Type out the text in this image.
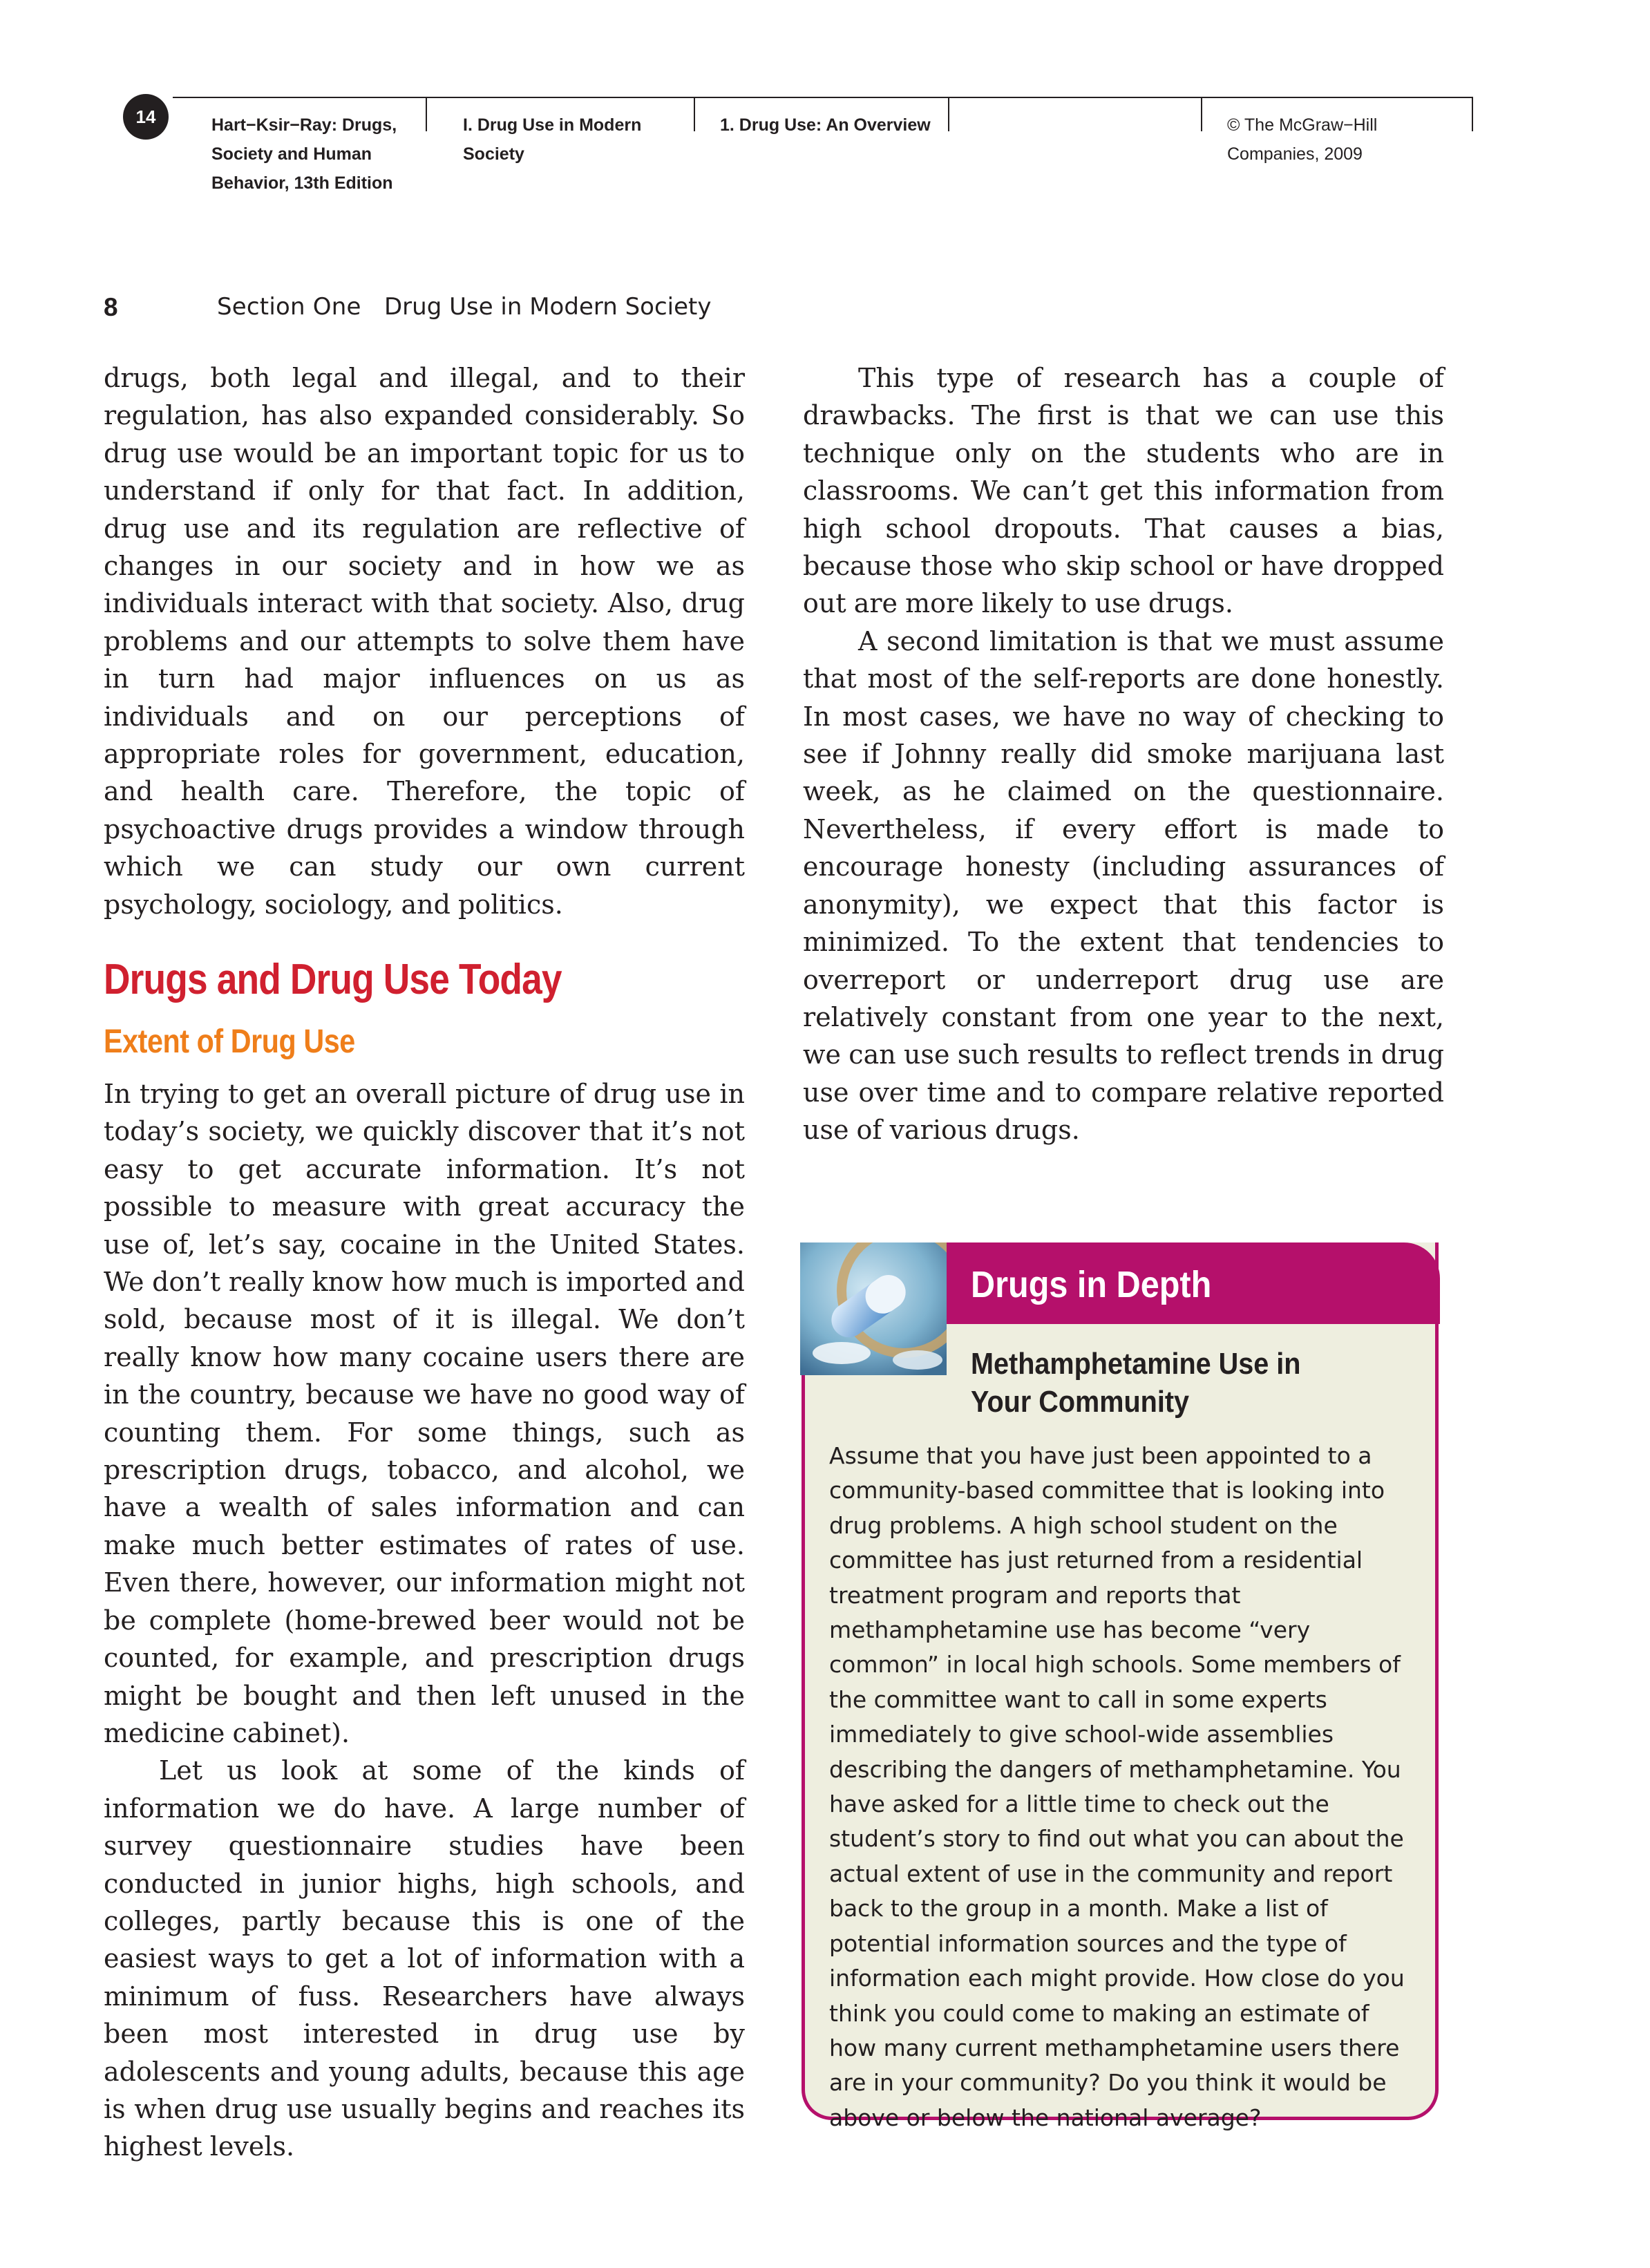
14	Hart−Ksir−Ray: Drugs,
Society and Human
Behavior, 13th Edition
I. Drug Use in Modern
Society
1. Drug Use: An Overview	© The McGraw−Hill
Companies, 2009
8	Section One Drug Use in Modern Society

drugs, both legal and illegal, and to their regulation, has also expanded considerably. So drug use would be an important topic for us to understand if only for that fact. In addition, drug use and its regulation are reflective of changes in our society and in how we as individuals interact with that society. Also, drug problems and our attempts to solve them have in turn had major influences on us as individuals and on our perceptions of appropriate roles for government, education, and health care. Therefore, the topic of psychoactive drugs provides a window through which we can study our own current psychology, sociology, and politics.

Drugs and Drug Use Today
Extent of Drug Use

In trying to get an overall picture of drug use in today’s society, we quickly discover that it’s not easy to get accurate information. It’s not possible to measure with great accuracy the use of, let’s say, cocaine in the United States. We don’t really know how much is imported and sold, because most of it is illegal. We don’t really know how many cocaine users there are in the country, because we have no good way of counting them. For some things, such as prescription drugs, tobacco, and alcohol, we have a wealth of sales information and can make much better estimates of rates of use. Even there, however, our information might not be complete (home-brewed beer would not be counted, for example, and prescription drugs might be bought and then left unused in the medicine cabinet).

Let us look at some of the kinds of information we do have. A large number of survey questionnaire studies have been conducted in junior highs, high schools, and colleges, partly because this is one of the easiest ways to get a lot of information with a minimum of fuss. Researchers have always been most interested in drug use by adolescents and young adults, because this age is when drug use usually begins and reaches its highest levels.

This type of research has a couple of drawbacks. The first is that we can use this technique only on the students who are in classrooms. We can’t get this information from high school dropouts. That causes a bias, because those who skip school or have dropped out are more likely to use drugs.

A second limitation is that we must assume that most of the self-reports are done honestly. In most cases, we have no way of checking to see if Johnny really did smoke marijuana last week, as he claimed on the questionnaire. Nevertheless, if every effort is made to encourage honesty (including assurances of anonymity), we expect that this factor is minimized. To the extent that tendencies to overreport or underreport drug use are relatively constant from one year to the next, we can use such results to reflect trends in drug use over time and to compare relative reported use of various drugs.

Drugs in Depth
Methamphetamine Use in Your Community

Assume that you have just been appointed to a community-based committee that is looking into drug problems. A high school student on the committee has just returned from a residential treatment program and reports that methamphetamine use has become “very common” in local high schools. Some members of the committee want to call in some experts immediately to give school-wide assemblies describing the dangers of methamphetamine. You have asked for a little time to check out the student’s story to find out what you can about the actual extent of use in the community and report back to the group in a month. Make a list of potential information sources and the type of information each might provide. How close do you think you could come to making an estimate of how many current methamphetamine users there are in your community? Do you think it would be above or below the national average?
